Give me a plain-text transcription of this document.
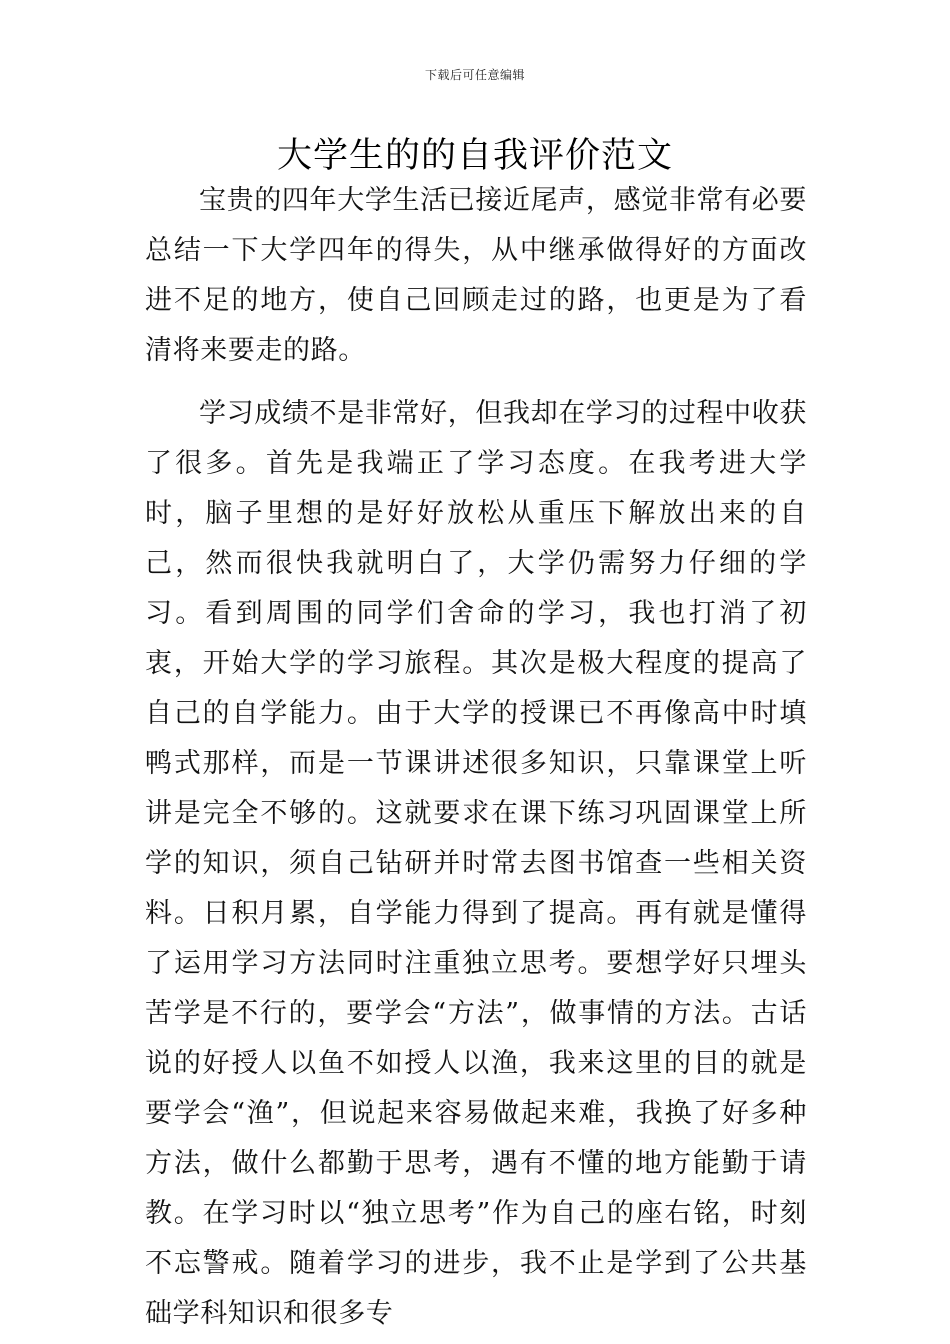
下载后可任意编辑
大学生的的自我评价范文

宝贵的四年大学生活已接近尾声，感觉非常有必要总结一下大学四年的得失，从中继承做得好的方面改进不足的地方，使自己回顾走过的路，也更是为了看清将来要走的路。

学习成绩不是非常好，但我却在学习的过程中收获了很多。首先是我端正了学习态度。在我考进大学时，脑子里想的是好好放松从重压下解放出来的自己，然而很快我就明白了，大学仍需努力仔细的学习。看到周围的同学们舍命的学习，我也打消了初衷，开始大学的学习旅程。其次是极大程度的提高了自己的自学能力。由于大学的授课已不再像高中时填鸭式那样，而是一节课讲述很多知识，只靠课堂上听讲是完全不够的。这就要求在课下练习巩固课堂上所学的知识，须自己钻研并时常去图书馆查一些相关资料。日积月累，自学能力得到了提高。再有就是懂得了运用学习方法同时注重独立思考。要想学好只埋头苦学是不行的，要学会“方法”，做事情的方法。古话说的好授人以鱼不如授人以渔，我来这里的目的就是要学会“渔”，但说起来容易做起来难，我换了好多种方法，做什么都勤于思考，遇有不懂的地方能勤于请教。在学习时以“独立思考”作为自己的座右铭，时刻不忘警戒。随着学习的进步，我不止是学到了公共基础学科知识和很多专
